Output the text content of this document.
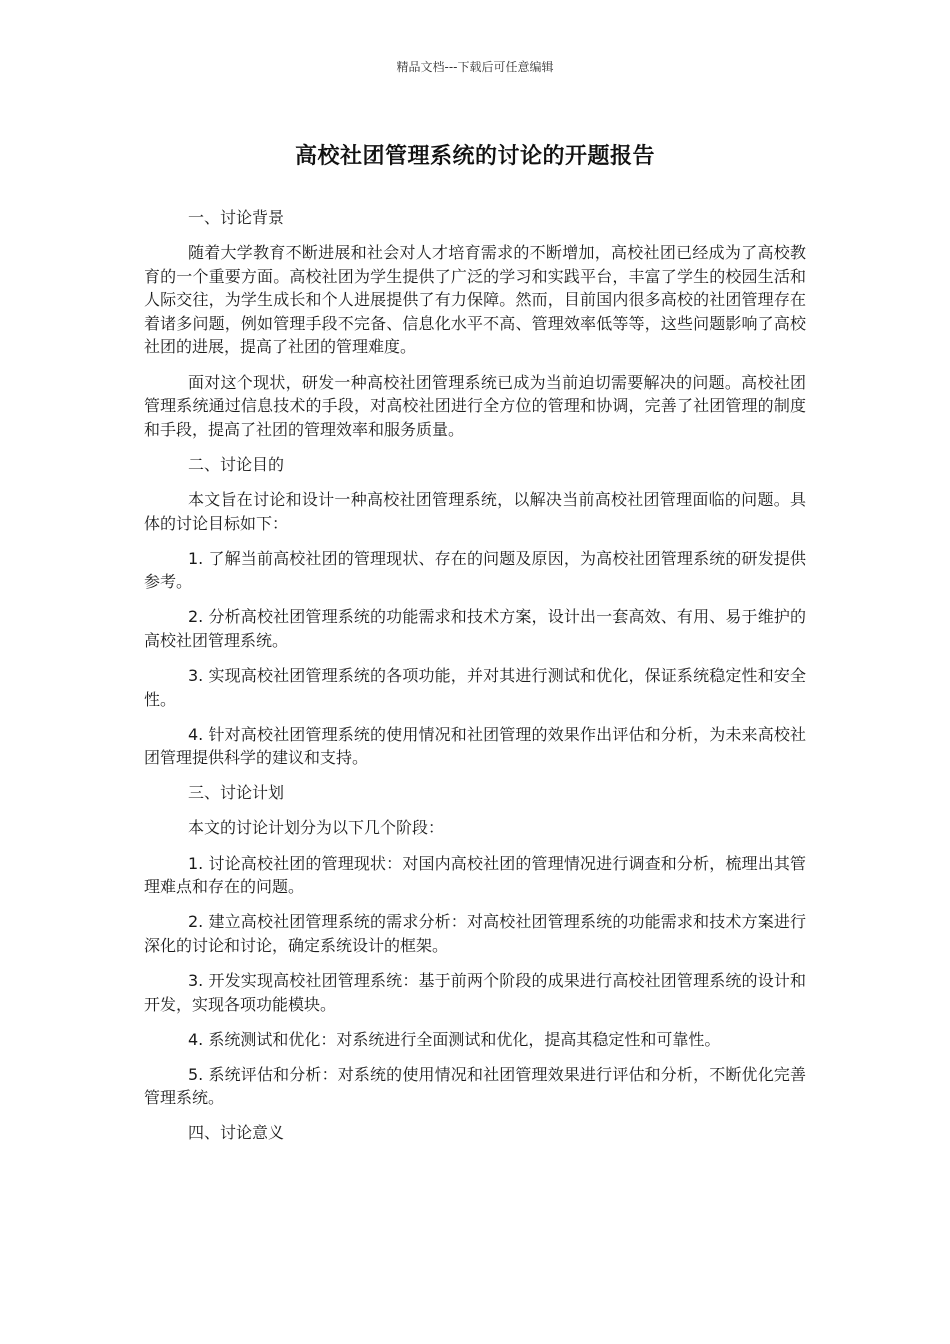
精品文档---下载后可任意编辑
高校社团管理系统的讨论的开题报告

一、讨论背景

随着大学教育不断进展和社会对人才培育需求的不断增加，高校社团已经成为了高校教育的一个重要方面。高校社团为学生提供了广泛的学习和实践平台，丰富了学生的校园生活和人际交往，为学生成长和个人进展提供了有力保障。然而，目前国内很多高校的社团管理存在着诸多问题，例如管理手段不完备、信息化水平不高、管理效率低等等，这些问题影响了高校社团的进展，提高了社团的管理难度。

面对这个现状，研发一种高校社团管理系统已成为当前迫切需要解决的问题。高校社团管理系统通过信息技术的手段，对高校社团进行全方位的管理和协调，完善了社团管理的制度和手段，提高了社团的管理效率和服务质量。

二、讨论目的

本文旨在讨论和设计一种高校社团管理系统，以解决当前高校社团管理面临的问题。具体的讨论目标如下：

1. 了解当前高校社团的管理现状、存在的问题及原因，为高校社团管理系统的研发提供参考。

2. 分析高校社团管理系统的功能需求和技术方案，设计出一套高效、有用、易于维护的高校社团管理系统。

3. 实现高校社团管理系统的各项功能，并对其进行测试和优化，保证系统稳定性和安全性。

4. 针对高校社团管理系统的使用情况和社团管理的效果作出评估和分析，为未来高校社团管理提供科学的建议和支持。

三、讨论计划

本文的讨论计划分为以下几个阶段：

1. 讨论高校社团的管理现状：对国内高校社团的管理情况进行调查和分析，梳理出其管理难点和存在的问题。

2. 建立高校社团管理系统的需求分析：对高校社团管理系统的功能需求和技术方案进行深化的讨论和讨论，确定系统设计的框架。

3. 开发实现高校社团管理系统：基于前两个阶段的成果进行高校社团管理系统的设计和开发，实现各项功能模块。

4. 系统测试和优化：对系统进行全面测试和优化，提高其稳定性和可靠性。

5. 系统评估和分析：对系统的使用情况和社团管理效果进行评估和分析，不断优化完善管理系统。

四、讨论意义
